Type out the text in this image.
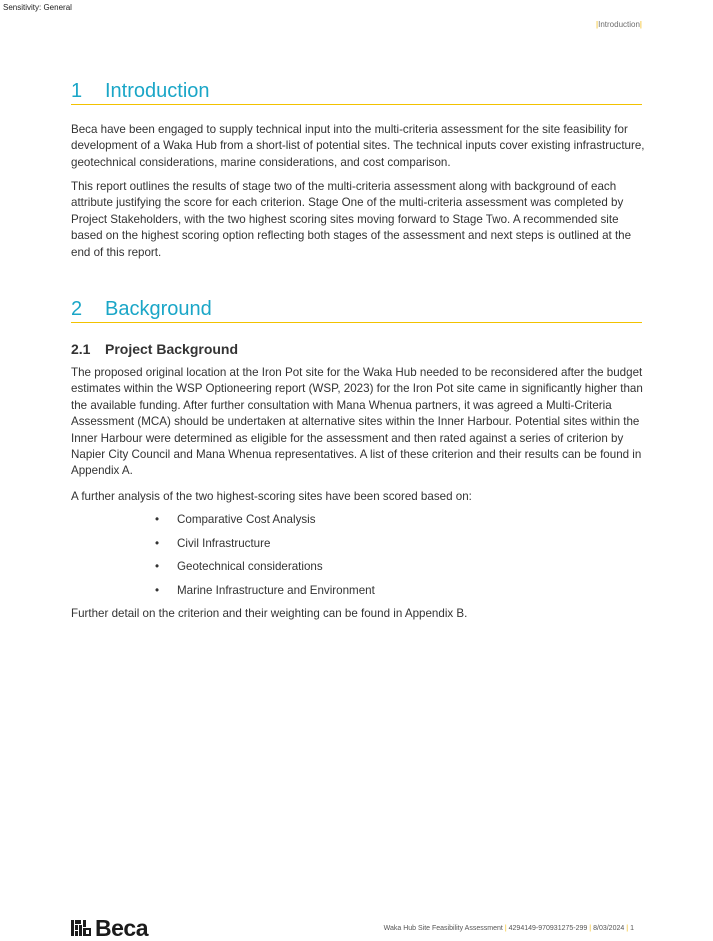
Sensitivity: General
|Introduction|
1 Introduction

Beca have been engaged to supply technical input into the multi-criteria assessment for the site feasibility for development of a Waka Hub from a short-list of potential sites. The technical inputs cover existing infrastructure, geotechnical considerations, marine considerations, and cost comparison.

This report outlines the results of stage two of the multi-criteria assessment along with background of each attribute justifying the score for each criterion. Stage One of the multi-criteria assessment was completed by Project Stakeholders, with the two highest scoring sites moving forward to Stage Two. A recommended site based on the highest scoring option reflecting both stages of the assessment and next steps is outlined at the end of this report.

2 Background
2.1 Project Background

The proposed original location at the Iron Pot site for the Waka Hub needed to be reconsidered after the budget estimates within the WSP Optioneering report (WSP, 2023) for the Iron Pot site came in significantly higher than the available funding. After further consultation with Mana Whenua partners, it was agreed a Multi-Criteria Assessment (MCA) should be undertaken at alternative sites within the Inner Harbour. Potential sites within the Inner Harbour were determined as eligible for the assessment and then rated against a series of criterion by Napier City Council and Mana Whenua representatives. A list of these criterion and their results can be found in Appendix A.

A further analysis of the two highest-scoring sites have been scored based on:

• Comparative Cost Analysis
• Civil Infrastructure
• Geotechnical considerations
• Marine Infrastructure and Environment

Further detail on the criterion and their weighting can be found in Appendix B.

Beca	Waka Hub Site Feasibility Assessment | 4294149-970931275-299 | 8/03/2024 | 1
